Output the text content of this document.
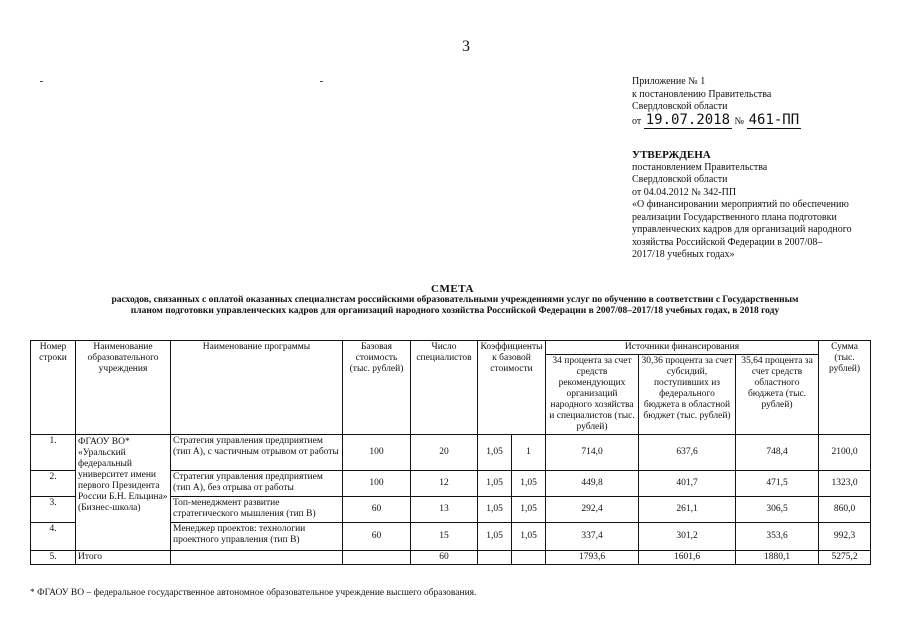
3
Приложение № 1
к постановлению Правительства
Свердловской области
от 19.07.2018 № 461-ПП
УТВЕРЖДЕНА
постановлением Правительства
Свердловской области
от 04.04.2012 № 342-ПП
«О финансировании мероприятий по обеспечению
реализации Государственного плана подготовки
управленческих кадров для организаций народного
хозяйства Российской Федерации в 2007/08–
2017/18 учебных годах»
СМЕТА
расходов, связанных с оплатой оказанных специалистам российскими образовательными учреждениями услуг по обучению в соответствии с Государственным
планом подготовки управленческих кадров для организаций народного хозяйства Российской Федерации в 2007/08–2017/18 учебных годах, в 2018 году
Номер строки	Наименование образовательного учреждения	Наименование программы	Базовая стоимость (тыс. рублей)	Число специалистов	Коэффициенты к базовой стоимости		Источники финансирования			Сумма (тыс. рублей)
							34 процента за счет средств рекомендующих организаций народного хозяйства и специалистов (тыс. рублей)	30,36 процента за счет субсидий, поступивших из федерального бюджета в областной бюджет (тыс. рублей)	35,64 процента за счет средств областного бюджета (тыс. рублей)	
1.	ФГАОУ ВО* «Уральский федеральный университет имени первого Президента России Б.Н. Ельцина» (Бизнес-школа)	Стратегия управления предприятием (тип А), с частичным отрывом от работы	100	20	1,05	1	714,0	637,6	748,4	2100,0
2.		Стратегия управления предприятием (тип А), без отрыва от работы	100	12	1,05	1,05	449,8	401,7	471,5	1323,0
3.		Топ-менеджмент развитие стратегического мышления (тип В)	60	13	1,05	1,05	292,4	261,1	306,5	860,0
4.		Менеджер проектов: технологии проектного управления (тип В)	60	15	1,05	1,05	337,4	301,2	353,6	992,3
5.	Итого			60			1793,6	1601,6	1880,1	5275,2
* ФГАОУ ВО – федеральное государственное автономное образовательное учреждение высшего образования.
